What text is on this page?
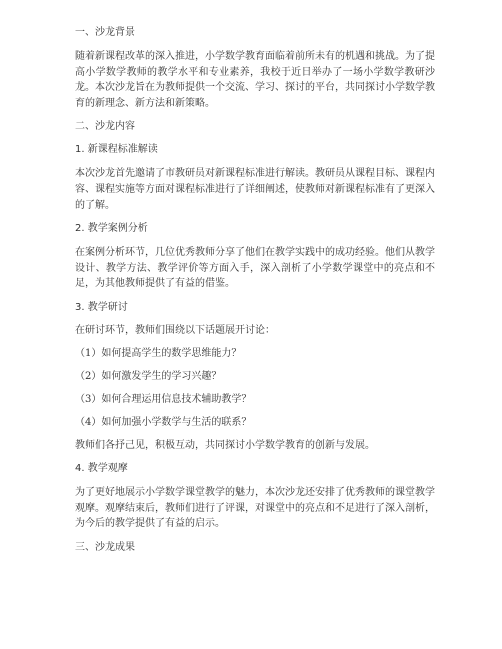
一、沙龙背景
随着新课程改革的深入推进，小学数学教育面临着前所未有的机遇和挑战。为了提高小学数学教师的教学水平和专业素养，我校于近日举办了一场小学数学教研沙龙。本次沙龙旨在为教师提供一个交流、学习、探讨的平台，共同探讨小学数学教育的新理念、新方法和新策略。
二、沙龙内容
1. 新课程标准解读
本次沙龙首先邀请了市教研员对新课程标准进行解读。教研员从课程目标、课程内容、课程实施等方面对课程标准进行了详细阐述，使教师对新课程标准有了更深入的了解。
2. 教学案例分析
在案例分析环节，几位优秀教师分享了他们在教学实践中的成功经验。他们从教学设计、教学方法、教学评价等方面入手，深入剖析了小学数学课堂中的亮点和不足，为其他教师提供了有益的借鉴。
3. 教学研讨
在研讨环节，教师们围绕以下话题展开讨论：
（1）如何提高学生的数学思维能力？
（2）如何激发学生的学习兴趣？
（3）如何合理运用信息技术辅助教学？
（4）如何加强小学数学与生活的联系？
教师们各抒己见，积极互动，共同探讨小学数学教育的创新与发展。
4. 教学观摩
为了更好地展示小学数学课堂教学的魅力，本次沙龙还安排了优秀教师的课堂教学观摩。观摩结束后，教师们进行了评课，对课堂中的亮点和不足进行了深入剖析，为今后的教学提供了有益的启示。
三、沙龙成果
